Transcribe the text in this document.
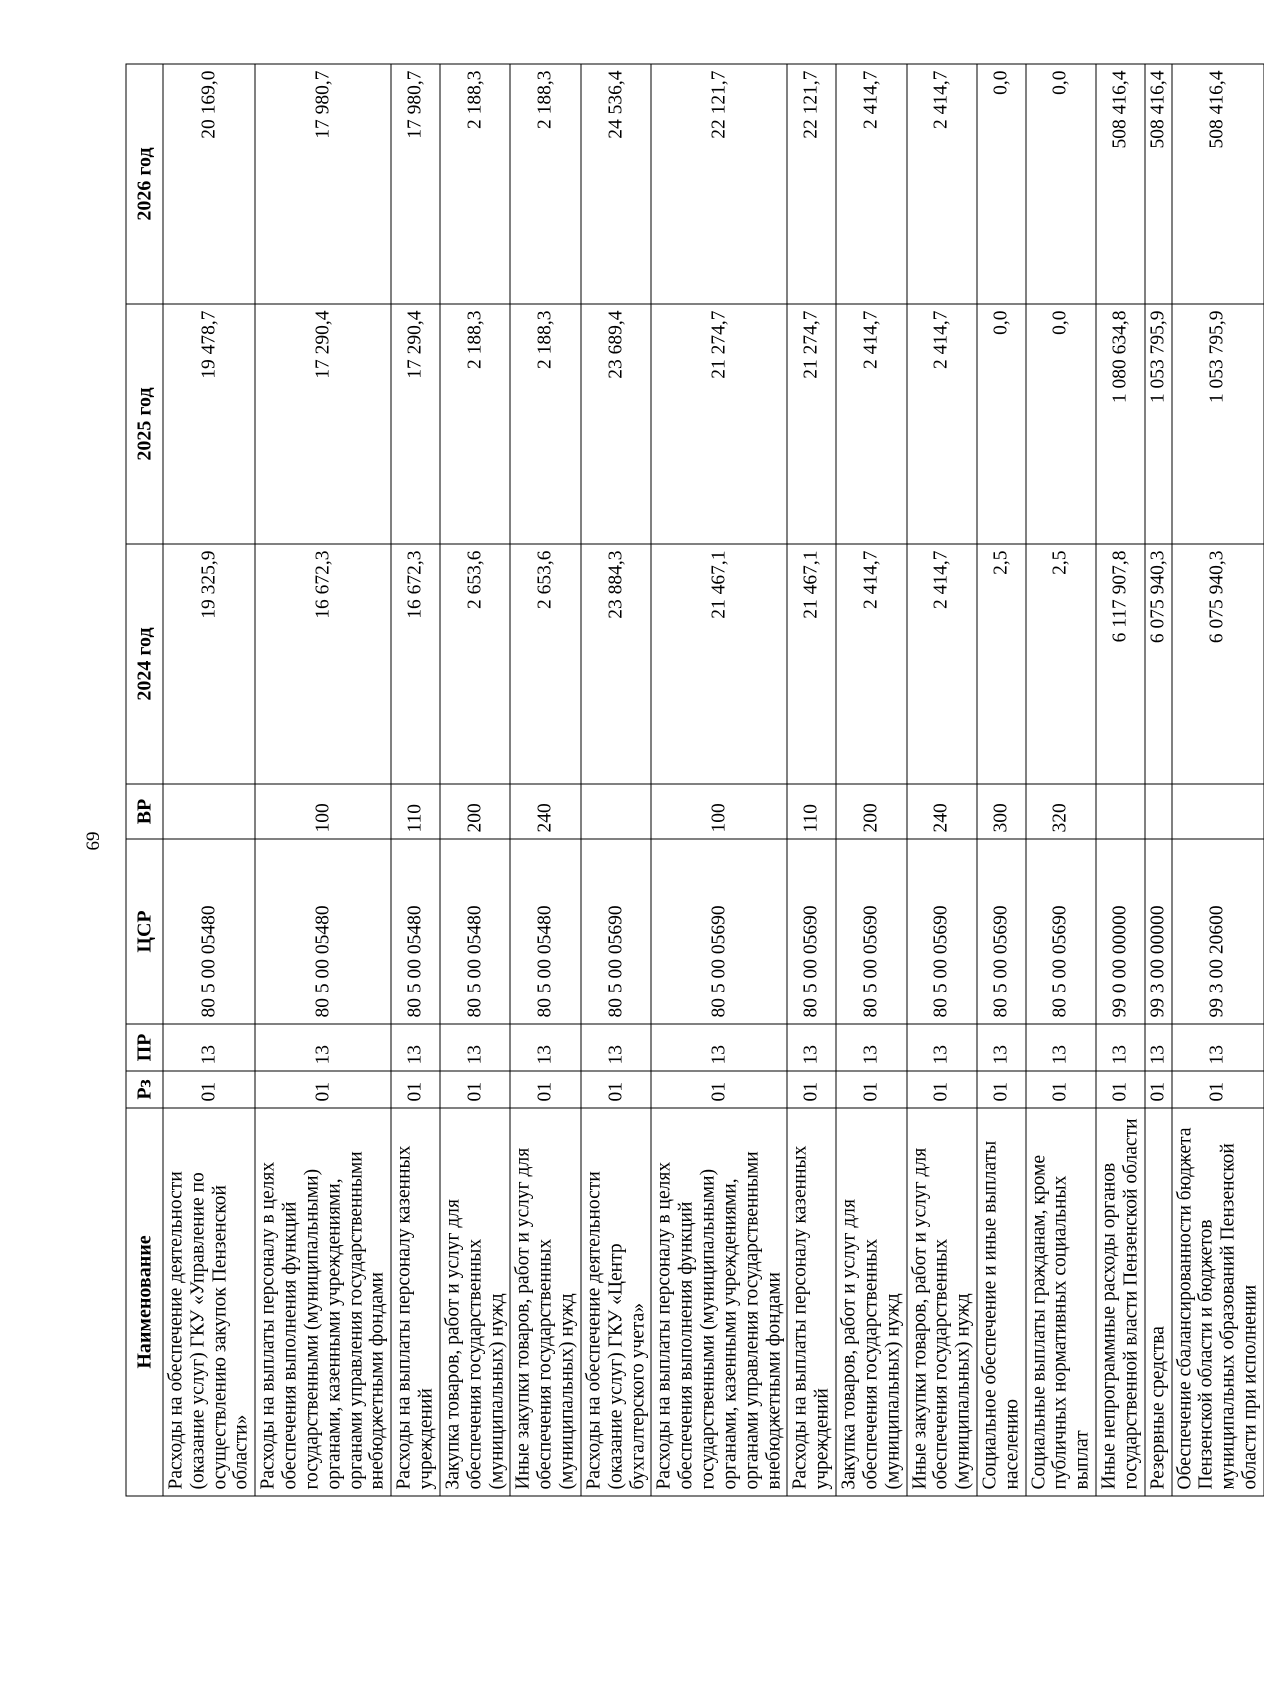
69
Наименование	Рз	ПР	ЦСР	ВР	2024 год	2025 год	2026 год
Расходы на обеспечение деятельности (оказание услуг) ГКУ «Управление по осуществлению закупок Пензенской области»	01	13	80 5 00 05480		19 325,9	19 478,7	20 169,0
Расходы на выплаты персоналу в целях обеспечения выполнения функций государственными (муниципальными) органами, казенными учреждениями, органами управления государственными внебюджетными фондами	01	13	80 5 00 05480	100	16 672,3	17 290,4	17 980,7
Расходы на выплаты персоналу казенных учреждений	01	13	80 5 00 05480	110	16 672,3	17 290,4	17 980,7
Закупка товаров, работ и услуг для обеспечения государственных (муниципальных) нужд	01	13	80 5 00 05480	200	2 653,6	2 188,3	2 188,3
Иные закупки товаров, работ и услуг для обеспечения государственных (муниципальных) нужд	01	13	80 5 00 05480	240	2 653,6	2 188,3	2 188,3
Расходы на обеспечение деятельности (оказание услуг) ГКУ «Центр бухгалтерского учета»	01	13	80 5 00 05690		23 884,3	23 689,4	24 536,4
Расходы на выплаты персоналу в целях обеспечения выполнения функций государственными (муниципальными) органами, казенными учреждениями, органами управления государственными внебюджетными фондами	01	13	80 5 00 05690	100	21 467,1	21 274,7	22 121,7
Расходы на выплаты персоналу казенных учреждений	01	13	80 5 00 05690	110	21 467,1	21 274,7	22 121,7
Закупка товаров, работ и услуг для обеспечения государственных (муниципальных) нужд	01	13	80 5 00 05690	200	2 414,7	2 414,7	2 414,7
Иные закупки товаров, работ и услуг для обеспечения государственных (муниципальных) нужд	01	13	80 5 00 05690	240	2 414,7	2 414,7	2 414,7
Социальное обеспечение и иные выплаты населению	01	13	80 5 00 05690	300	2,5	0,0	0,0
Социальные выплаты гражданам, кроме публичных нормативных социальных выплат	01	13	80 5 00 05690	320	2,5	0,0	0,0
Иные непрограммные расходы органов государственной власти Пензенской области	01	13	99 0 00 00000		6 117 907,8	1 080 634,8	508 416,4
Резервные средства	01	13	99 3 00 00000		6 075 940,3	1 053 795,9	508 416,4
Обеспечение сбалансированности бюджета Пензенской области и бюджетов муниципальных образований Пензенской области при исполнении	01	13	99 3 00 20600		6 075 940,3	1 053 795,9	508 416,4
